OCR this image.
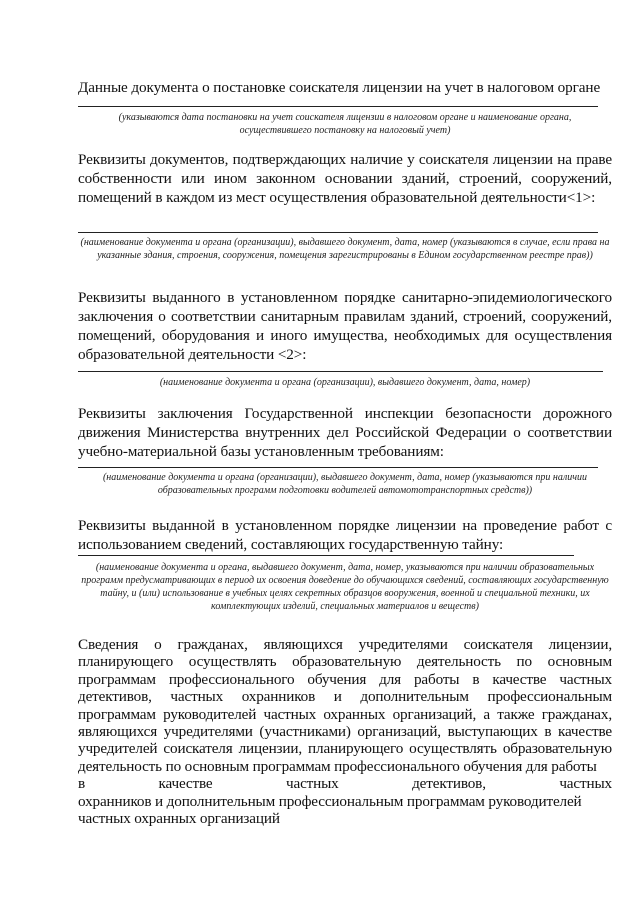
Данные документа о постановке соискателя лицензии на учет в налоговом органе
(указываются дата постановки на учет соискателя лицензии в налоговом органе и наименование органа, осуществившего постановку на налоговый учет)
Реквизиты документов, подтверждающих наличие у соискателя лицензии на праве собственности или ином законном основании зданий, строений, сооружений, помещений в каждом из мест осуществления образовательной деятельности<1>:
(наименование документа и органа (организации), выдавшего документ, дата, номер (указываются в случае, если права на указанные здания, строения, сооружения, помещения зарегистрированы в Едином государственном реестре прав))
Реквизиты выданного в установленном порядке санитарно-эпидемиологического заключения о соответствии санитарным правилам зданий, строений, сооружений, помещений, оборудования и иного имущества, необходимых для осуществления образовательной деятельности <2>:
(наименование документа и органа (организации), выдавшего документ, дата, номер)
Реквизиты заключения Государственной инспекции безопасности дорожного движения Министерства внутренних дел Российской Федерации о соответствии учебно-материальной базы установленным требованиям:
(наименование документа и органа (организации), выдавшего документ, дата, номер (указываются при наличии образовательных программ подготовки водителей автомототранспортных средств))
Реквизиты выданной в установленном порядке лицензии на проведение работ с использованием сведений, составляющих государственную тайну:
(наименование документа и органа, выдавшего документ, дата, номер, указываются при наличии образовательных программ предусматривающих в период их освоения доведение до обучающихся сведений, составляющих государственную тайну, и (или) использование в учебных целях секретных образцов вооружения, военной и специальной техники, их комплектующих изделий, специальных материалов и веществ)
Сведения о гражданах, являющихся учредителями соискателя лицензии, планирующего осуществлять образовательную деятельность по основным программам профессионального обучения для работы в качестве частных детективов, частных охранников и дополнительным профессиональным программам руководителей частных охранных организаций, а также гражданах, являющихся учредителями (участниками) организаций, выступающих в качестве учредителей соискателя лицензии, планирующего осуществлять образовательную деятельность по основным программам профессионального обучения для работы
в	качестве	частных	детективов,	частных
охранников и дополнительным профессиональным программам руководителей
частных охранных организаций
